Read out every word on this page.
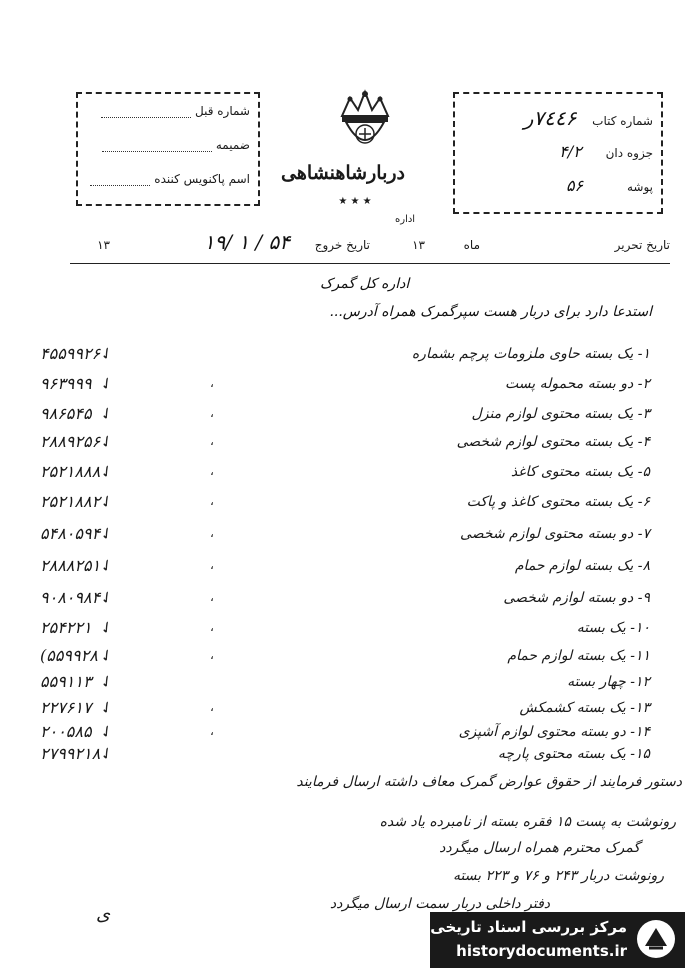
شماره قبل
ضمیمه
اسم پاکنویس کننده دربارشاهنشاهی
★ ★ ★
اداره
شماره کتاب ٧٤٤۶ر
جزوه دان ۴/۲
پوشه ۵۶
تاریخ تحریر
ماه
۱۳
تاریخ خروج
۱۹/ ۱ / ۵۴
۱۳
اداره کل گمرک
استدعا دارد برای دربار هست سپرگمرک همراه آدرس...
۱- یک بسته حاوی ملزومات پرچم بشماره
۴۵۵۹۹۲۶
۲- دو بسته محموله پست
،
۹۶۳۹۹۹
۳- یک بسته محتوی لوازم منزل
،
۹۸۶۵۴۵
۴- یک بسته محتوی لوازم شخصی
،
۲۸۸۹۲۵۶
۵- یک بسته محتوی کاغذ
،
۲۵۲۱۸۸۸
۶- یک بسته محتوی کاغذ و پاکت
،
۲۵۲۱۸۸۲
۷- دو بسته محتوی لوازم شخصی
،
۵۴۸۰۵۹۴
۸- یک بسته لوازم حمام
،
۲۸۸۸۲۵۱
۹- دو بسته لوازم شخصی
،
۹۰۸۰۹۸۴
۱۰- یک بسته
،
۲۵۴۲۲۱
۱۱- یک بسته لوازم حمام
،
(۵۵۹۹۲۸
۱۲- چهار بسته
۵۵۹۱۱۳
۱۳- یک بسته کشمکش
،
۲۲۷۶۱۷
۱۴- دو بسته محتوی لوازم آشپزی
،
۲۰۰۵۸۵
۱۵- یک بسته محتوی پارچه
۲۷۹۹۲۱۸
✓
✓
✓
✓
✓
✓
✓
✓
✓
✓
✓
✓
✓
✓
✓
دستور فرمایند از حقوق عوارض گمرک معاف داشته ارسال فرمایند
رونوشت به پست ۱۵ فقره بسته از نامبرده یاد شده
گمرک محترم همراه ارسال میگردد
رونوشت دربار ۲۴۳ و ۷۶ و ۲۲۳ بسته
دفتر داخلی دربار سمت ارسال میگردد
ی
مرکز بررسی اسناد تاریخی
historydocuments.ir
